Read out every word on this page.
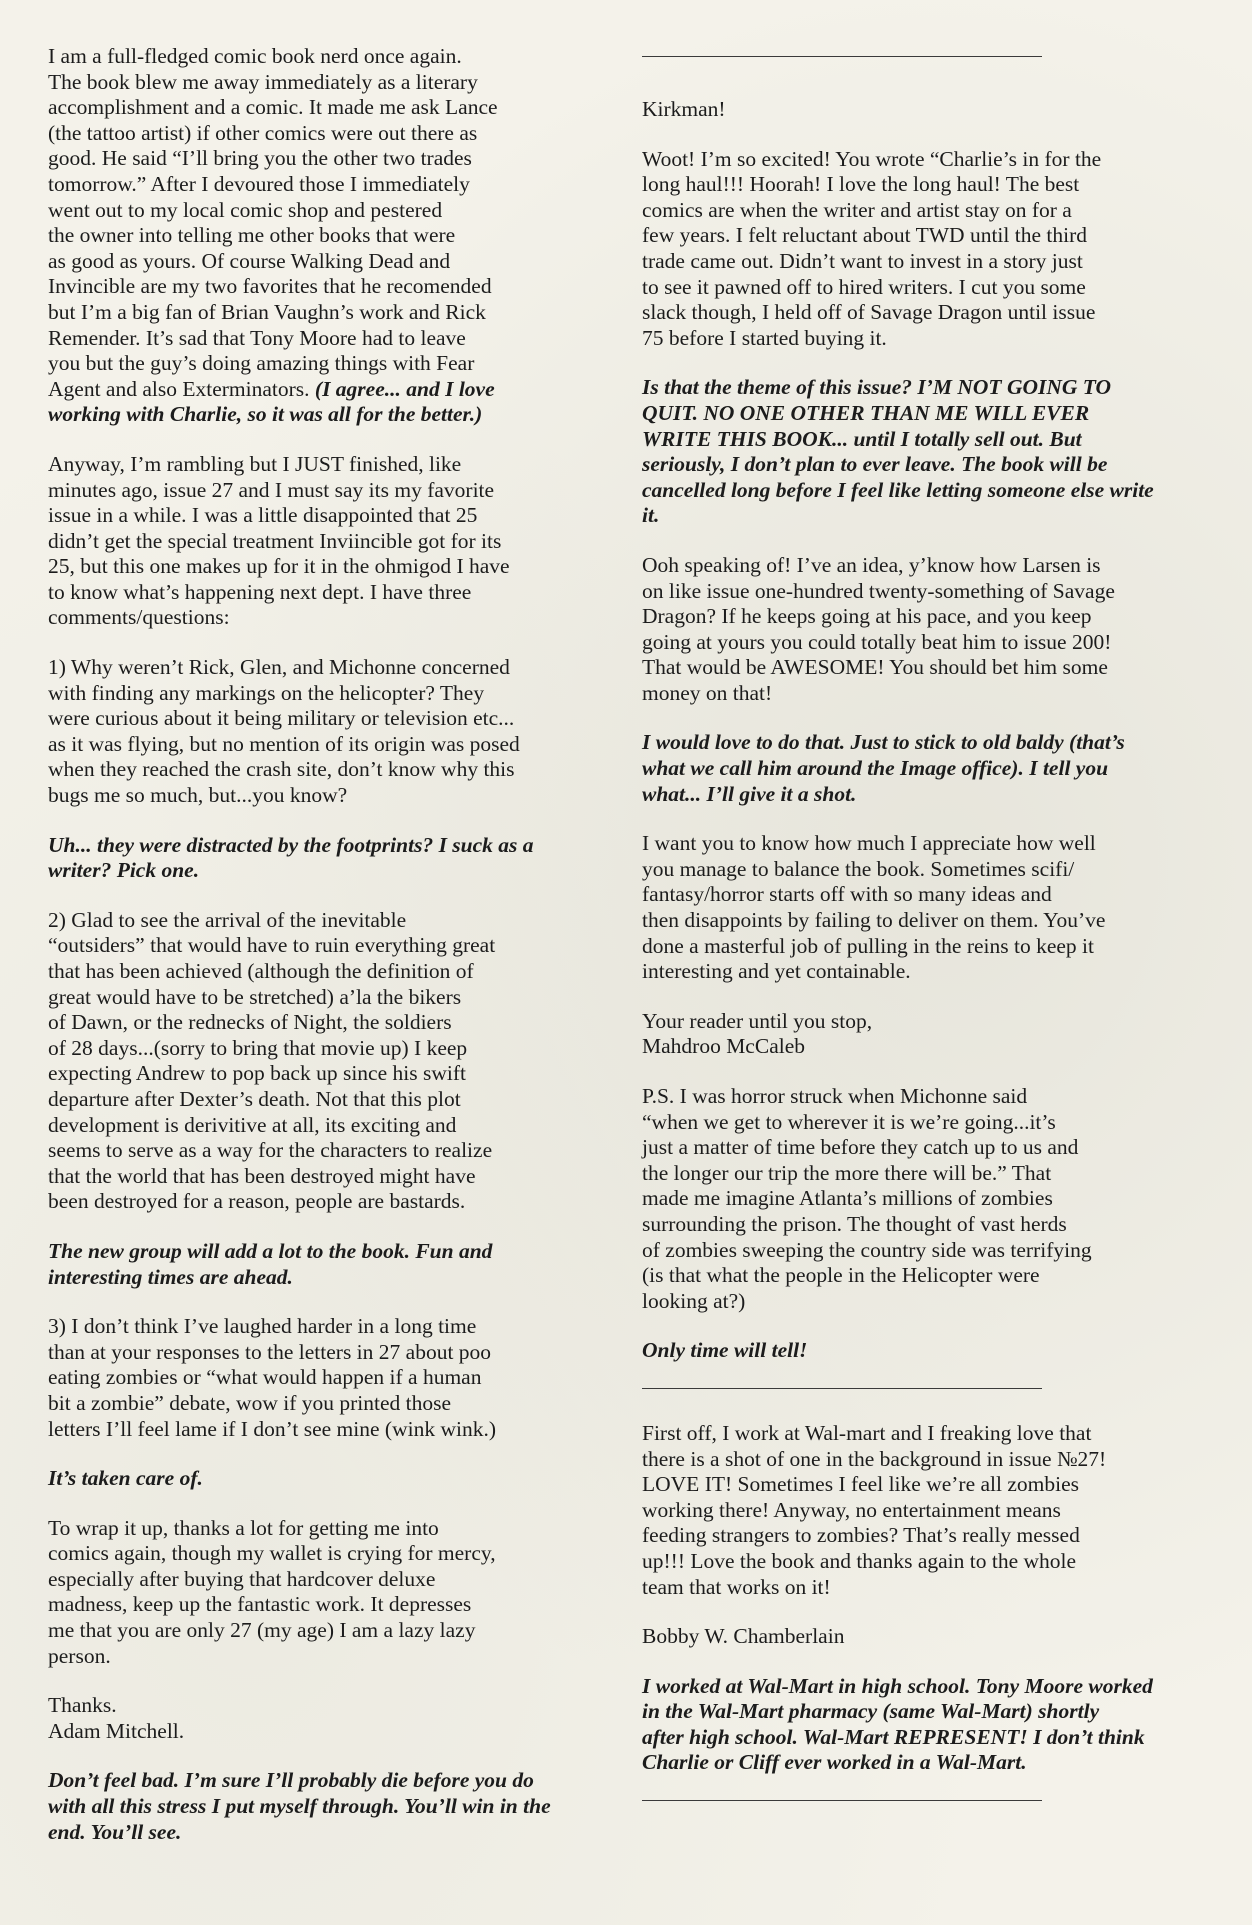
I am a full-fledged comic book nerd once again.
The book blew me away immediately as a literary
accomplishment and a comic. It made me ask Lance
(the tattoo artist) if other comics were out there as
good. He said “I’ll bring you the other two trades
tomorrow.” After I devoured those I immediately
went out to my local comic shop and pestered
the owner into telling me other books that were
as good as yours. Of course Walking Dead and
Invincible are my two favorites that he recomended
but I’m a big fan of Brian Vaughn’s work and Rick
Remender. It’s sad that Tony Moore had to leave
you but the guy’s doing amazing things with Fear
Agent and also Exterminators. (I agree... and I love
working with Charlie, so it was all for the better.)

Anyway, I’m rambling but I JUST finished, like
minutes ago, issue 27 and I must say its my favorite
issue in a while. I was a little disappointed that 25
didn’t get the special treatment Inviincible got for its
25, but this one makes up for it in the ohmigod I have
to know what’s happening next dept. I have three
comments/questions:

1) Why weren’t Rick, Glen, and Michonne concerned
with finding any markings on the helicopter? They
were curious about it being military or television etc...
as it was flying, but no mention of its origin was posed
when they reached the crash site, don’t know why this
bugs me so much, but...you know?

Uh... they were distracted by the footprints? I suck as a
writer? Pick one.

2) Glad to see the arrival of the inevitable
“outsiders” that would have to ruin everything great
that has been achieved (although the definition of
great would have to be stretched) a’la the bikers
of Dawn, or the rednecks of Night, the soldiers
of 28 days...(sorry to bring that movie up) I keep
expecting Andrew to pop back up since his swift
departure after Dexter’s death. Not that this plot
development is derivitive at all, its exciting and
seems to serve as a way for the characters to realize
that the world that has been destroyed might have
been destroyed for a reason, people are bastards.

The new group will add a lot to the book. Fun and
interesting times are ahead.

3) I don’t think I’ve laughed harder in a long time
than at your responses to the letters in 27 about poo
eating zombies or “what would happen if a human
bit a zombie” debate, wow if you printed those
letters I’ll feel lame if I don’t see mine (wink wink.)

It’s taken care of.

To wrap it up, thanks a lot for getting me into
comics again, though my wallet is crying for mercy,
especially after buying that hardcover deluxe
madness, keep up the fantastic work. It depresses
me that you are only 27 (my age) I am a lazy lazy
person.

Thanks.
Adam Mitchell.

Don’t feel bad. I’m sure I’ll probably die before you do
with all this stress I put myself through. You’ll win in the
end. You’ll see.

Kirkman!

Woot! I’m so excited! You wrote “Charlie’s in for the
long haul!!! Hoorah! I love the long haul! The best
comics are when the writer and artist stay on for a
few years. I felt reluctant about TWD until the third
trade came out. Didn’t want to invest in a story just
to see it pawned off to hired writers. I cut you some
slack though, I held off of Savage Dragon until issue
75 before I started buying it.

Is that the theme of this issue? I’M NOT GOING TO
QUIT. NO ONE OTHER THAN ME WILL EVER
WRITE THIS BOOK... until I totally sell out. But
seriously, I don’t plan to ever leave. The book will be
cancelled long before I feel like letting someone else write
it.

Ooh speaking of! I’ve an idea, y’know how Larsen is
on like issue one-hundred twenty-something of Savage
Dragon? If he keeps going at his pace, and you keep
going at yours you could totally beat him to issue 200!
That would be AWESOME! You should bet him some
money on that!

I would love to do that. Just to stick to old baldy (that’s
what we call him around the Image office). I tell you
what... I’ll give it a shot.

I want you to know how much I appreciate how well
you manage to balance the book. Sometimes scifi/
fantasy/horror starts off with so many ideas and
then disappoints by failing to deliver on them. You’ve
done a masterful job of pulling in the reins to keep it
interesting and yet containable.

Your reader until you stop,
Mahdroo McCaleb

P.S. I was horror struck when Michonne said
“when we get to wherever it is we’re going...it’s
just a matter of time before they catch up to us and
the longer our trip the more there will be.” That
made me imagine Atlanta’s millions of zombies
surrounding the prison. The thought of vast herds
of zombies sweeping the country side was terrifying
(is that what the people in the Helicopter were
looking at?)

Only time will tell!

First off, I work at Wal-mart and I freaking love that
there is a shot of one in the background in issue №27!
LOVE IT! Sometimes I feel like we’re all zombies
working there! Anyway, no entertainment means
feeding strangers to zombies? That’s really messed
up!!! Love the book and thanks again to the whole
team that works on it!

Bobby W. Chamberlain

I worked at Wal-Mart in high school. Tony Moore worked
in the Wal-Mart pharmacy (same Wal-Mart) shortly
after high school. Wal-Mart REPRESENT! I don’t think
Charlie or Cliff ever worked in a Wal-Mart.
